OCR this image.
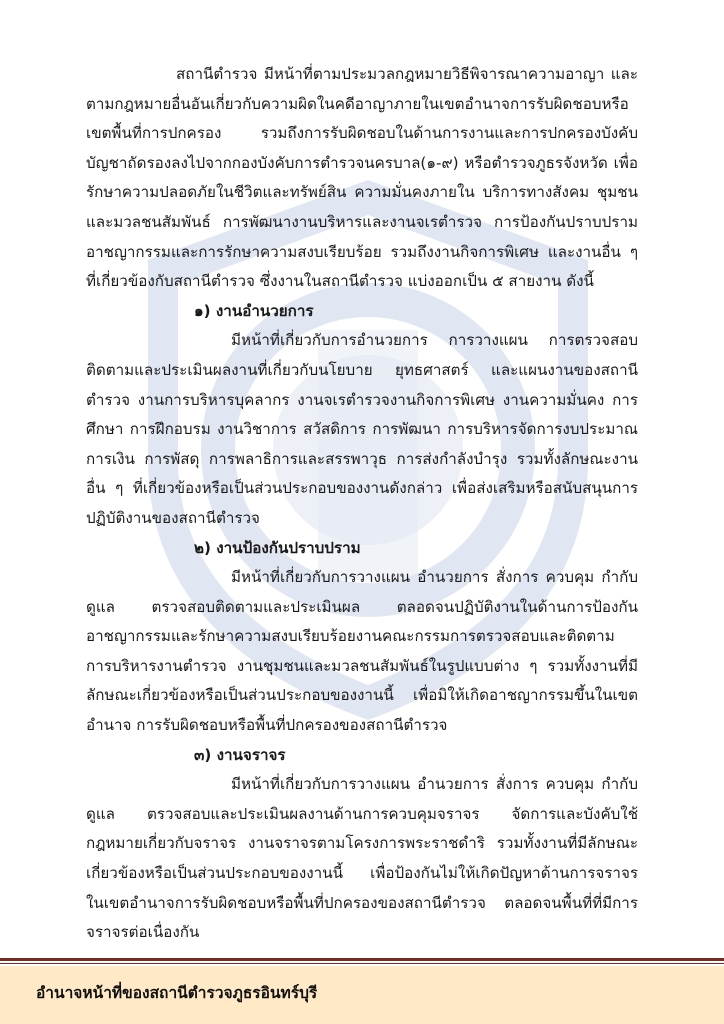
สถานีตำรวจ มีหน้าที่ตามประมวลกฎหมายวิธีพิจารณาความอาญา และตามกฎหมายอื่นอันเกี่ยวกับความผิดในคดีอาญาภายในเขตอำนาจการรับผิดชอบหรือเขตพื้นที่การปกครอง รวมถึงการรับผิดชอบในด้านการงานและการปกครองบังคับบัญชาถัดรองลงไปจากกองบังคับการตำรวจนครบาล(๑-๙) หรือตำรวจภูธรจังหวัด เพื่อรักษาความปลอดภัยในชีวิตและทรัพย์สิน ความมั่นคงภายใน บริการทางสังคม ชุมชน และมวลชนสัมพันธ์ การพัฒนางานบริหารและงานจเรตำรวจ การป้องกันปราบปรามอาชญากรรมและการรักษาความสงบเรียบร้อย รวมถึงงานกิจการพิเศษ และงานอื่น ๆ ที่เกี่ยวข้องกับสถานีตำรวจ ซึ่งงานในสถานีตำรวจ แบ่งออกเป็น ๕ สายงาน ดังนี้

๑) งานอำนวยการ

มีหน้าที่เกี่ยวกับการอำนวยการ การวางแผน การตรวจสอบติดตามและประเมินผลงานที่เกี่ยวกับนโยบาย ยุทธศาสตร์ และแผนงานของสถานีตำรวจ งานการบริหารบุคลากร งานจเรตำรวจงานกิจการพิเศษ งานความมั่นคง การศึกษา การฝึกอบรม งานวิชาการ สวัสดิการ การพัฒนา การบริหารจัดการงบประมาณ การเงิน การพัสดุ การพลาธิการและสรรพาวุธ การส่งกำลังบำรุง รวมทั้งลักษณะงานอื่น ๆ ที่เกี่ยวข้องหรือเป็นส่วนประกอบของงานดังกล่าว เพื่อส่งเสริมหรือสนับสนุนการปฏิบัติงานของสถานีตำรวจ

๒) งานป้องกันปราบปราม

มีหน้าที่เกี่ยวกับการวางแผน อำนวยการ สั่งการ ควบคุม กำกับดูแล ตรวจสอบติดตามและประเมินผล ตลอดจนปฏิบัติงานในด้านการป้องกันอาชญากรรมและรักษาความสงบเรียบร้อยงานคณะกรรมการตรวจสอบและติดตามการบริหารงานตำรวจ งานชุมชนและมวลชนสัมพันธ์ในรูปแบบต่าง ๆ รวมทั้งงานที่มีลักษณะเกี่ยวข้องหรือเป็นส่วนประกอบของงานนี้ เพื่อมิให้เกิดอาชญากรรมขึ้นในเขตอำนาจ การรับผิดชอบหรือพื้นที่ปกครองของสถานีตำรวจ

๓) งานจราจร

มีหน้าที่เกี่ยวกับการวางแผน อำนวยการ สั่งการ ควบคุม กำกับดูแล ตรวจสอบและประเมินผลงานด้านการควบคุมจราจร จัดการและบังคับใช้กฎหมายเกี่ยวกับจราจร งานจราจรตามโครงการพระราชดำริ รวมทั้งงานที่มีลักษณะเกี่ยวข้องหรือเป็นส่วนประกอบของงานนี้ เพื่อป้องกันไม่ให้เกิดปัญหาด้านการจราจร ในเขตอำนาจการรับผิดชอบหรือพื้นที่ปกครองของสถานีตำรวจ ตลอดจนพื้นที่ที่มีการจราจรต่อเนื่องกัน

อำนาจหน้าที่ของสถานีตำรวจภูธรอินทร์บุรี
